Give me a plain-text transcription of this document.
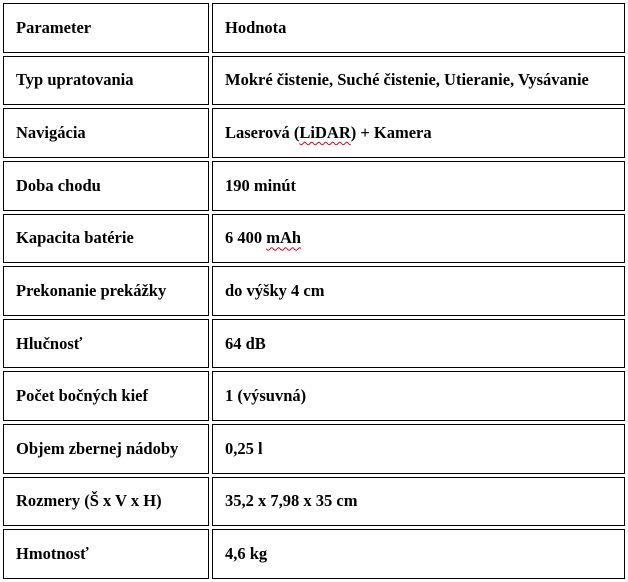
Parameter	Hodnota
Typ upratovania	Mokré čistenie, Suché čistenie, Utieranie, Vysávanie
Navigácia	Laserová (LiDAR) + Kamera
Doba chodu	190 minút
Kapacita batérie	6 400 mAh
Prekonanie prekážky	do výšky 4 cm
Hlučnosť	64 dB
Počet bočných kief	1 (výsuvná)
Objem zbernej nádoby	0,25 l
Rozmery (Š x V x H)	35,2 x 7,98 x 35 cm
Hmotnosť	4,6 kg
